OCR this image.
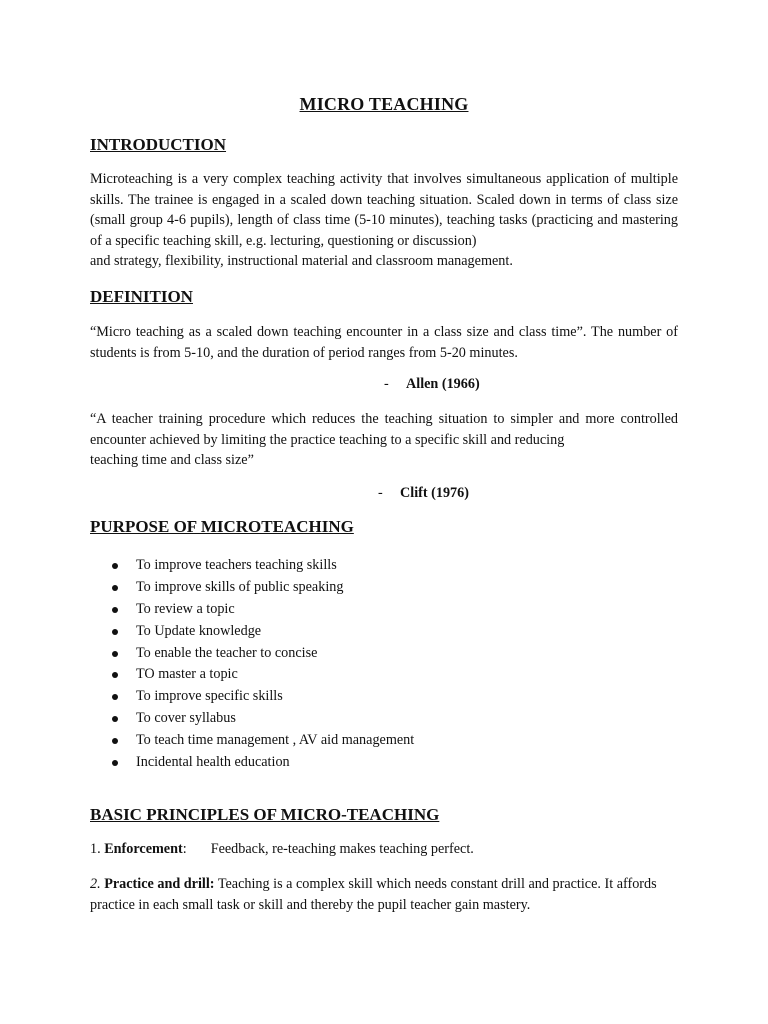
MICRO TEACHING
INTRODUCTION
Microteaching is a very complex teaching activity that involves simultaneous application of multiple skills. The trainee is engaged in a scaled down teaching situation. Scaled down in terms of class size (small group 4-6 pupils), length of class time (5-10 minutes), teaching tasks (practicing and mastering of a specific teaching skill, e.g. lecturing, questioning or discussion)
and strategy, flexibility, instructional material and classroom management.
DEFINITION
“Micro teaching as a scaled down teaching encounter in a class size and class time”. The number of students is from 5-10, and the duration of period ranges from 5-20 minutes.
- Allen (1966)
“A teacher training procedure which reduces the teaching situation to simpler and more controlled encounter achieved by limiting the practice teaching to a specific skill and reducing
teaching time and class size”
- Clift (1976)
PURPOSE OF MICROTEACHING
To improve teachers teaching skills
To improve skills of public speaking
To review a topic
To Update knowledge
To enable the teacher to concise
TO master a topic
To improve specific skills
To cover syllabus
To teach time management , AV aid management
Incidental health education
BASIC PRINCIPLES OF MICRO-TEACHING
1. Enforcement: Feedback, re-teaching makes teaching perfect.
2. Practice and drill: Teaching is a complex skill which needs constant drill and practice. It affords practice in each small task or skill and thereby the pupil teacher gain mastery.
